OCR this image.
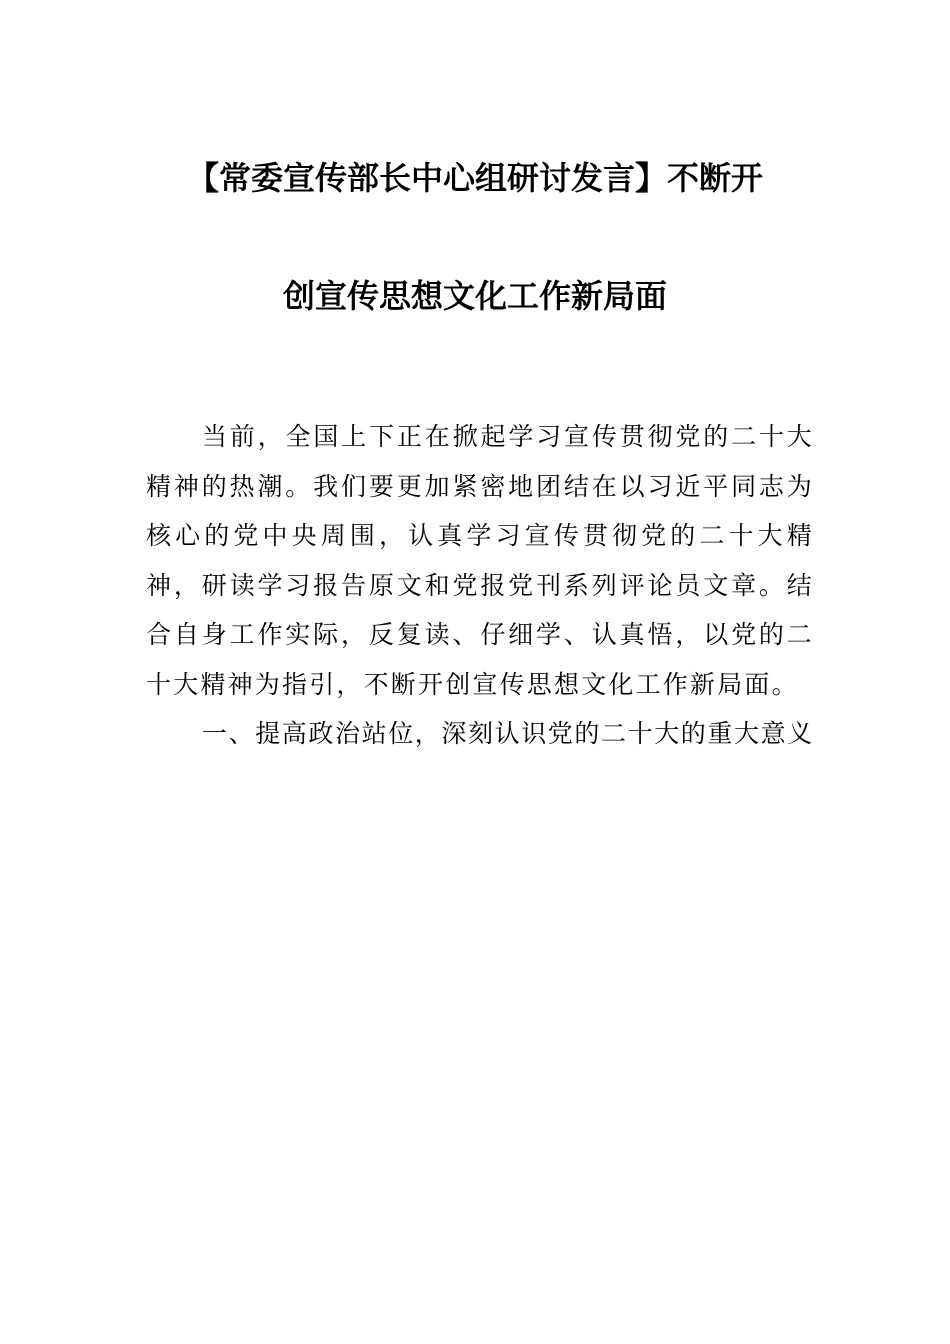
【常委宣传部长中心组研讨发言】不断开
创宣传思想文化工作新局面

当前，全国上下正在掀起学习宣传贯彻党的二十大精神的热潮。我们要更加紧密地团结在以习近平同志为核心的党中央周围，认真学习宣传贯彻党的二十大精神，研读学习报告原文和党报党刊系列评论员文章。结合自身工作实际，反复读、仔细学、认真悟，以党的二十大精神为指引，不断开创宣传思想文化工作新局面。

一、提高政治站位，深刻认识党的二十大的重大意义
